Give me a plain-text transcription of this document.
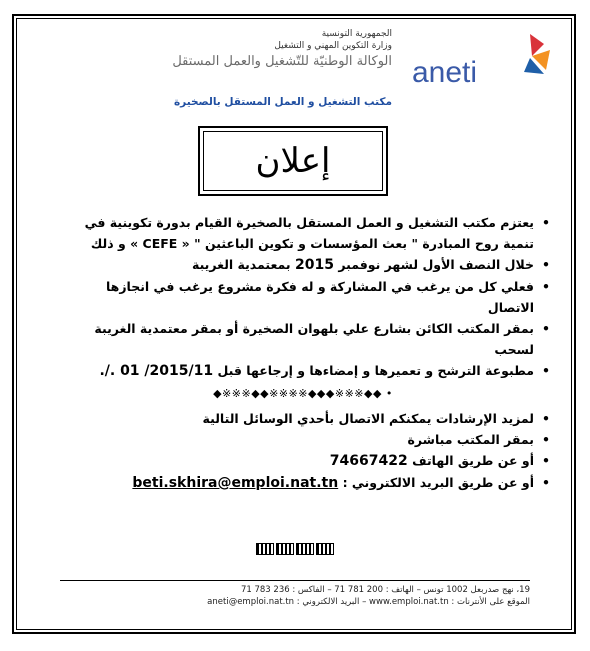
aneti
الجمهورية التونسية
وزارة التكوين المهني و التشغيل
الوكالة الوطنيّة للتّشغيل والعمل المستقل
مكتب التشغيل و العمل المستقل بالصخيرة
إعلان
•
يعتزم مكتب التشغيل و العمل المستقل بالصخيرة القيام بدورة تكوينية في تنمية روح المبادرة " بعث المؤسسات و تكوين الباعثين " « CEFE » و ذلك
•
خلال النصف الأول لشهر نوفمبر 2015 بمعتمدية الغريبة
•
فعلي كل من يرغب في المشاركة و له فكرة مشروع يرغب في انجازها الاتصال
•
بمقر المكتب الكائن بشارع علي بلهوان الصخيرة أو بمقر معتمدية الغريبة لسحب
•
مطبوعة الترشح و تعميرها و إمضاءها و إرجاعها قبل 2015/11/ 01 ./.
◆※※※◆◆※※※※◆◆◆※※※◆◆ •
•
لمزيد الإرشادات يمكنكم الاتصال بأحدي الوسائل التالية
•
بمقر المكتب مباشرة
•
أو عن طريق الهاتف 74667422
•
أو عن طريق البريد الالكتروني : beti.skhira@emploi.nat.tn
19، نهج صدربعل 1002 تونس – الهاتف : 200 781 71 – الفاكس : 236 783 71
الموقع على الأنترنات : www.emploi.nat.tn – البريد الالكتروني : aneti@emploi.nat.tn
